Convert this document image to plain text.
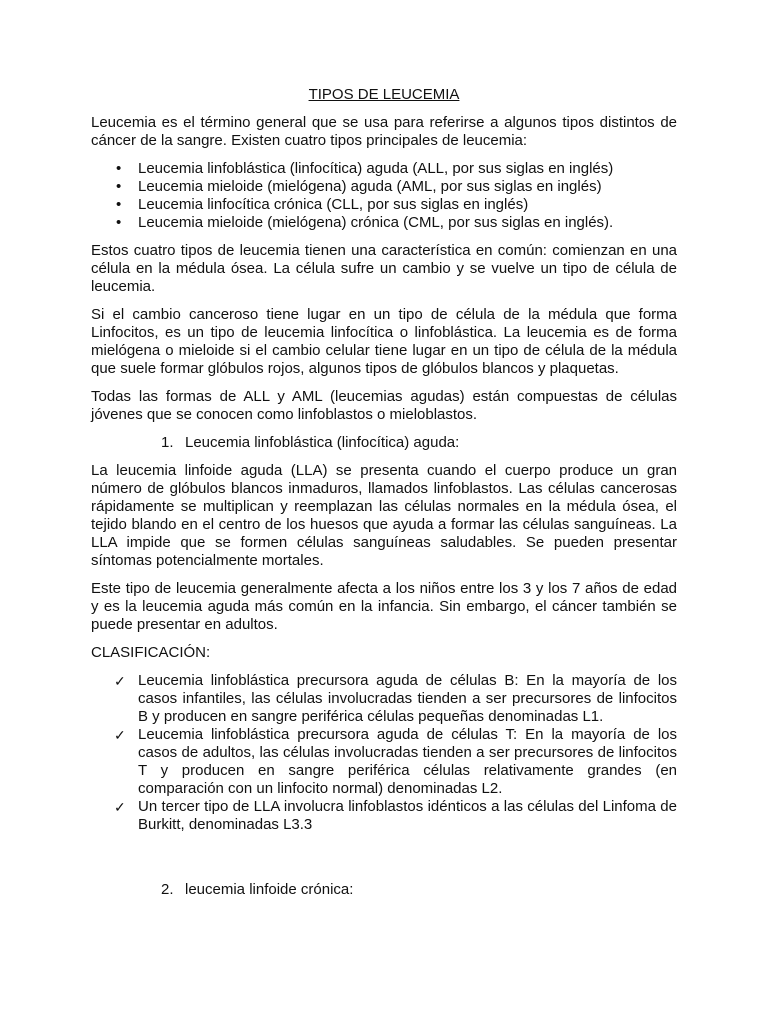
TIPOS DE LEUCEMIA

Leucemia es el término general que se usa para referirse a algunos tipos distintos de cáncer de la sangre. Existen cuatro tipos principales de leucemia:

• Leucemia linfoblástica (linfocítica) aguda (ALL, por sus siglas en inglés)
• Leucemia mieloide (mielógena) aguda (AML, por sus siglas en inglés)
• Leucemia linfocítica crónica (CLL, por sus siglas en inglés)
• Leucemia mieloide (mielógena) crónica (CML, por sus siglas en inglés).

Estos cuatro tipos de leucemia tienen una característica en común: comienzan en una célula en la médula ósea. La célula sufre un cambio y se vuelve un tipo de célula de leucemia.

Si el cambio canceroso tiene lugar en un tipo de célula de la médula que forma Linfocitos, es un tipo de leucemia linfocítica o linfoblástica. La leucemia es de forma mielógena o mieloide si el cambio celular tiene lugar en un tipo de célula de la médula que suele formar glóbulos rojos, algunos tipos de glóbulos blancos y plaquetas.

Todas las formas de ALL y AML (leucemias agudas) están compuestas de células jóvenes que se conocen como linfoblastos o mieloblastos.

1. Leucemia linfoblástica (linfocítica) aguda:

La leucemia linfoide aguda (LLA) se presenta cuando el cuerpo produce un gran número de glóbulos blancos inmaduros, llamados linfoblastos. Las células cancerosas rápidamente se multiplican y reemplazan las células normales en la médula ósea, el tejido blando en el centro de los huesos que ayuda a formar las células sanguíneas. La LLA impide que se formen células sanguíneas saludables. Se pueden presentar síntomas potencialmente mortales.

Este tipo de leucemia generalmente afecta a los niños entre los 3 y los 7 años de edad y es la leucemia aguda más común en la infancia. Sin embargo, el cáncer también se puede presentar en adultos.

CLASIFICACIÓN:

✓ Leucemia linfoblástica precursora aguda de células B: En la mayoría de los casos infantiles, las células involucradas tienden a ser precursores de linfocitos B y producen en sangre periférica células pequeñas denominadas L1.
✓ Leucemia linfoblástica precursora aguda de células T: En la mayoría de los casos de adultos, las células involucradas tienden a ser precursores de linfocitos T y producen en sangre periférica células relativamente grandes (en comparación con un linfocito normal) denominadas L2.
✓ Un tercer tipo de LLA involucra linfoblastos idénticos a las células del Linfoma de Burkitt, denominadas L3.3
2. leucemia linfoide crónica:
